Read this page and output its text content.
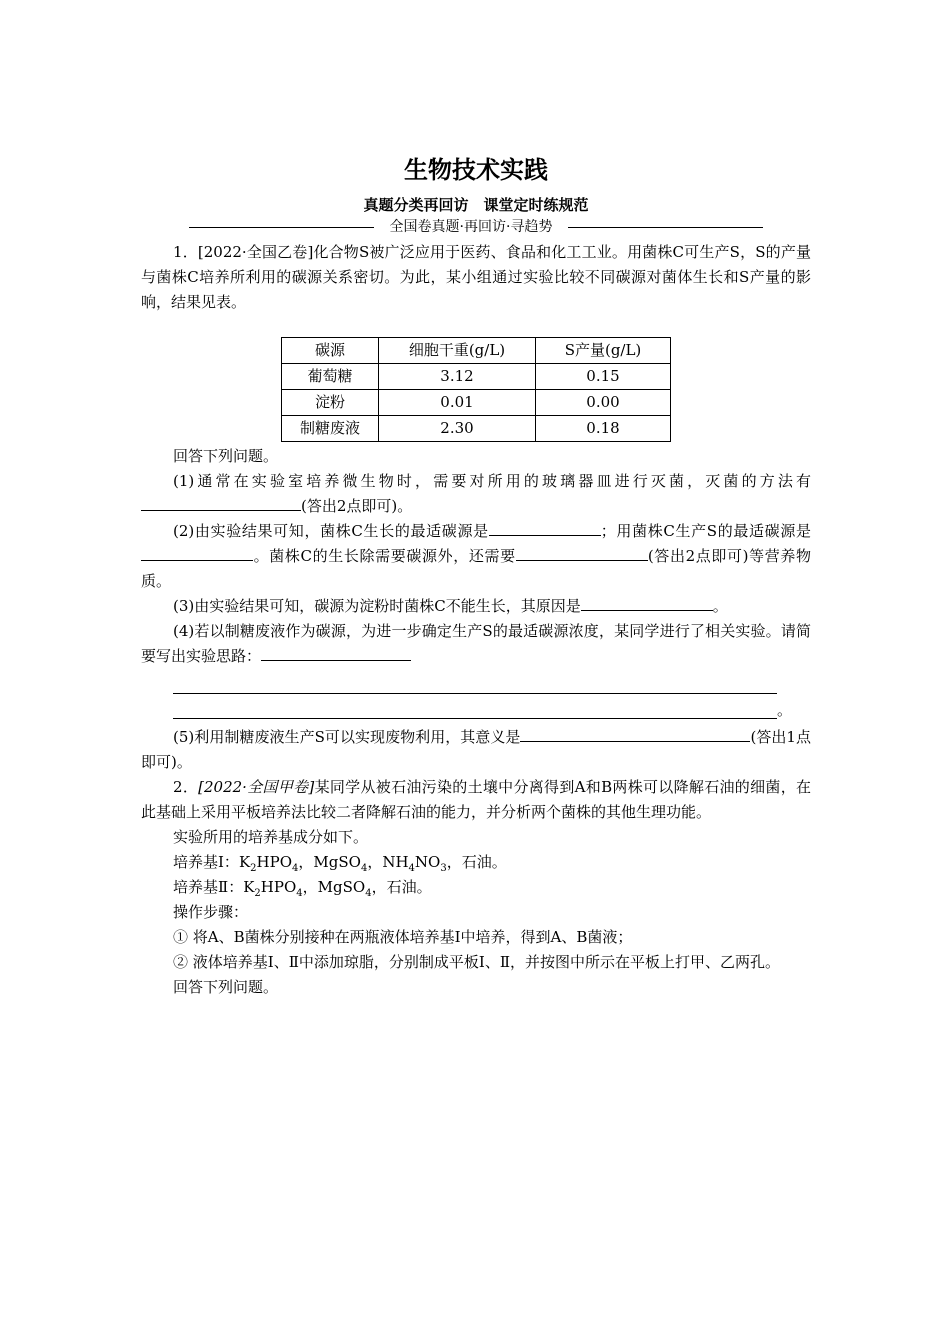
生物技术实践
真题分类再回访　课堂定时练规范
全国卷真题·再回访·寻趋势

1．[2022·全国乙卷]化合物S被广泛应用于医药、食品和化工工业。用菌株C可生产S，S的产量与菌株C培养所利用的碳源关系密切。为此，某小组通过实验比较不同碳源对菌体生长和S产量的影响，结果见表。

碳源	细胞干重(g/L)	S产量(g/L)
葡萄糖	3.12	0.15
淀粉	0.01	0.00
制糖废液	2.30	0.18

回答下列问题。

(1)通常在实验室培养微生物时，需要对所用的玻璃器皿进行灭菌，灭菌的方法有(答出2点即可)。

(2)由实验结果可知，菌株C生长的最适碳源是	；用菌株C生产S的最适碳源是。菌株C的生长除需要碳源外，还需要	(答出2点即可)等营养物质。

(3)由实验结果可知，碳源为淀粉时菌株C不能生长，其原因是	。

(4)若以制糖废液作为碳源，为进一步确定生产S的最适碳源浓度，某同学进行了相关实验。请简要写出实验思路：

。

(5)利用制糖废液生产S可以实现废物利用，其意义是	(答出1点即可)。

2．[2022·全国甲卷]某同学从被石油污染的土壤中分离得到A和B两株可以降解石油的细菌，在此基础上采用平板培养法比较二者降解石油的能力，并分析两个菌株的其他生理功能。

实验所用的培养基成分如下。

培养基Ⅰ：$K_2HPO_4$，MgSO$_4$，$NH_4NO_3$，石油。

培养基Ⅱ：$K_2HPO_4$，MgSO$_4$，石油。

操作步骤：

① 将A、B菌株分别接种在两瓶液体培养基Ⅰ中培养，得到A、B菌液；

② 液体培养基Ⅰ、Ⅱ中添加琼脂，分别制成平板Ⅰ、Ⅱ，并按图中所示在平板上打甲、乙两孔。

回答下列问题。
